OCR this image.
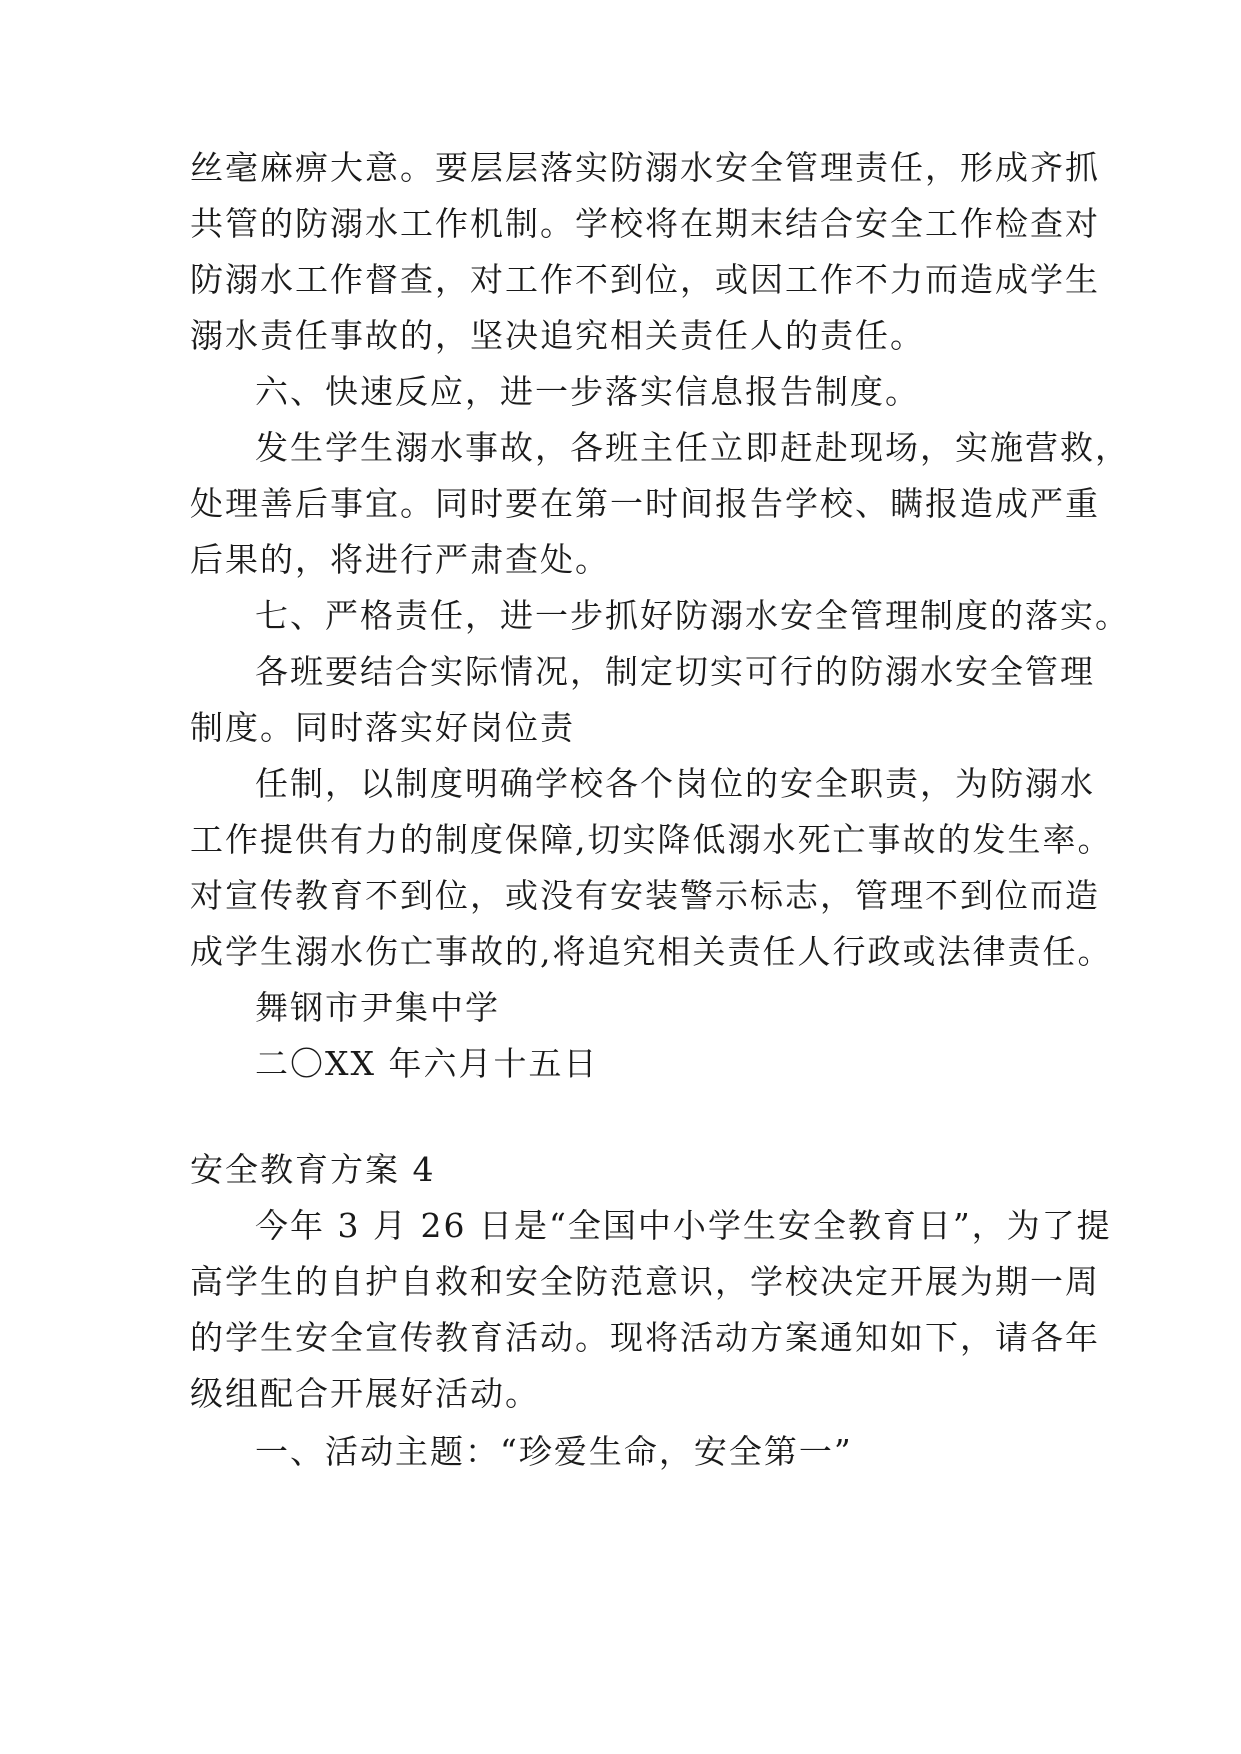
丝毫麻痹大意。要层层落实防溺水安全管理责任，形成齐抓
共管的防溺水工作机制。学校将在期末结合安全工作检查对
防溺水工作督查，对工作不到位，或因工作不力而造成学生
溺水责任事故的，坚决追究相关责任人的责任。
六、快速反应，进一步落实信息报告制度。
发生学生溺水事故，各班主任立即赶赴现场，实施营救，
处理善后事宜。同时要在第一时间报告学校、瞒报造成严重
后果的，将进行严肃查处。
七、严格责任，进一步抓好防溺水安全管理制度的落实。
各班要结合实际情况，制定切实可行的防溺水安全管理
制度。同时落实好岗位责
任制，以制度明确学校各个岗位的安全职责，为防溺水
工作提供有力的制度保障,切实降低溺水死亡事故的发生率。
对宣传教育不到位，或没有安装警示标志，管理不到位而造
成学生溺水伤亡事故的,将追究相关责任人行政或法律责任。
舞钢市尹集中学
二〇XX 年六月十五日
安全教育方案 4
今年 3 月 26 日是“全国中小学生安全教育日”，为了提
高学生的自护自救和安全防范意识，学校决定开展为期一周
的学生安全宣传教育活动。现将活动方案通知如下，请各年
级组配合开展好活动。
一、活动主题：“珍爱生命，安全第一”
